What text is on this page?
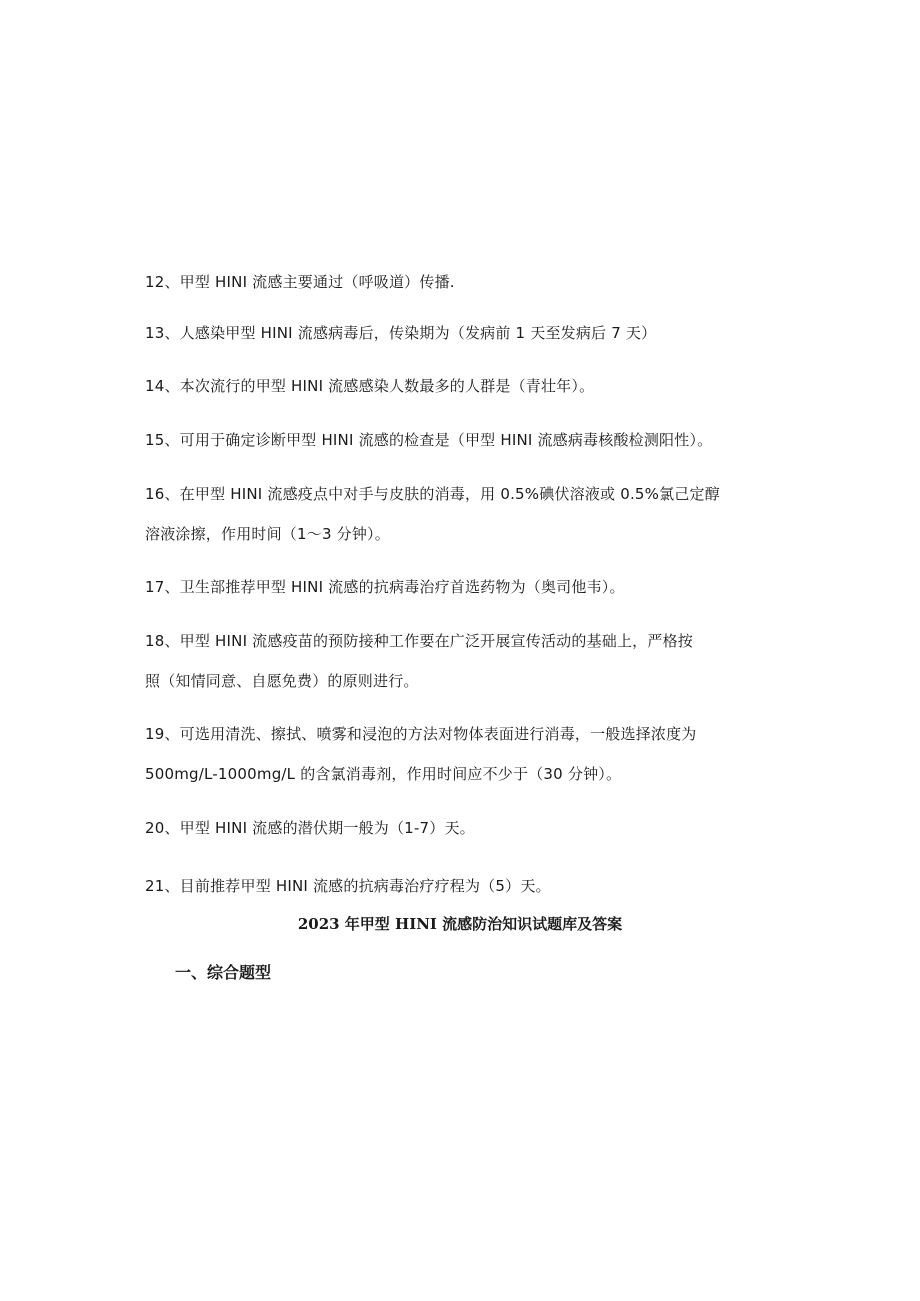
12、甲型 HINI 流感主要通过（呼吸道）传播.
13、人感染甲型 HINI 流感病毒后，传染期为（发病前 1 天至发病后 7 天）
14、本次流行的甲型 HINI 流感感染人数最多的人群是（青壮年）。
15、可用于确定诊断甲型 HINI 流感的检查是（甲型 HINI 流感病毒核酸检测阳性）。
16、在甲型 HINI 流感疫点中对手与皮肤的消毒，用 0.5%碘伏溶液或 0.5%氯己定醇
溶液涂擦，作用时间（1～3 分钟）。
17、卫生部推荐甲型 HINI 流感的抗病毒治疗首选药物为（奥司他韦）。
18、甲型 HINI 流感疫苗的预防接种工作要在广泛开展宣传活动的基础上，严格按
照（知情同意、自愿免费）的原则进行。
19、可选用清洗、擦拭、喷雾和浸泡的方法对物体表面进行消毒，一般选择浓度为
500mg/L-1000mg/L 的含氯消毒剂，作用时间应不少于（30 分钟）。
20、甲型 HINI 流感的潜伏期一般为（1-7）天。
21、目前推荐甲型 HINI 流感的抗病毒治疗疗程为（5）天。
2023 年甲型 HINI 流感防治知识试题库及答案
一、综合题型
